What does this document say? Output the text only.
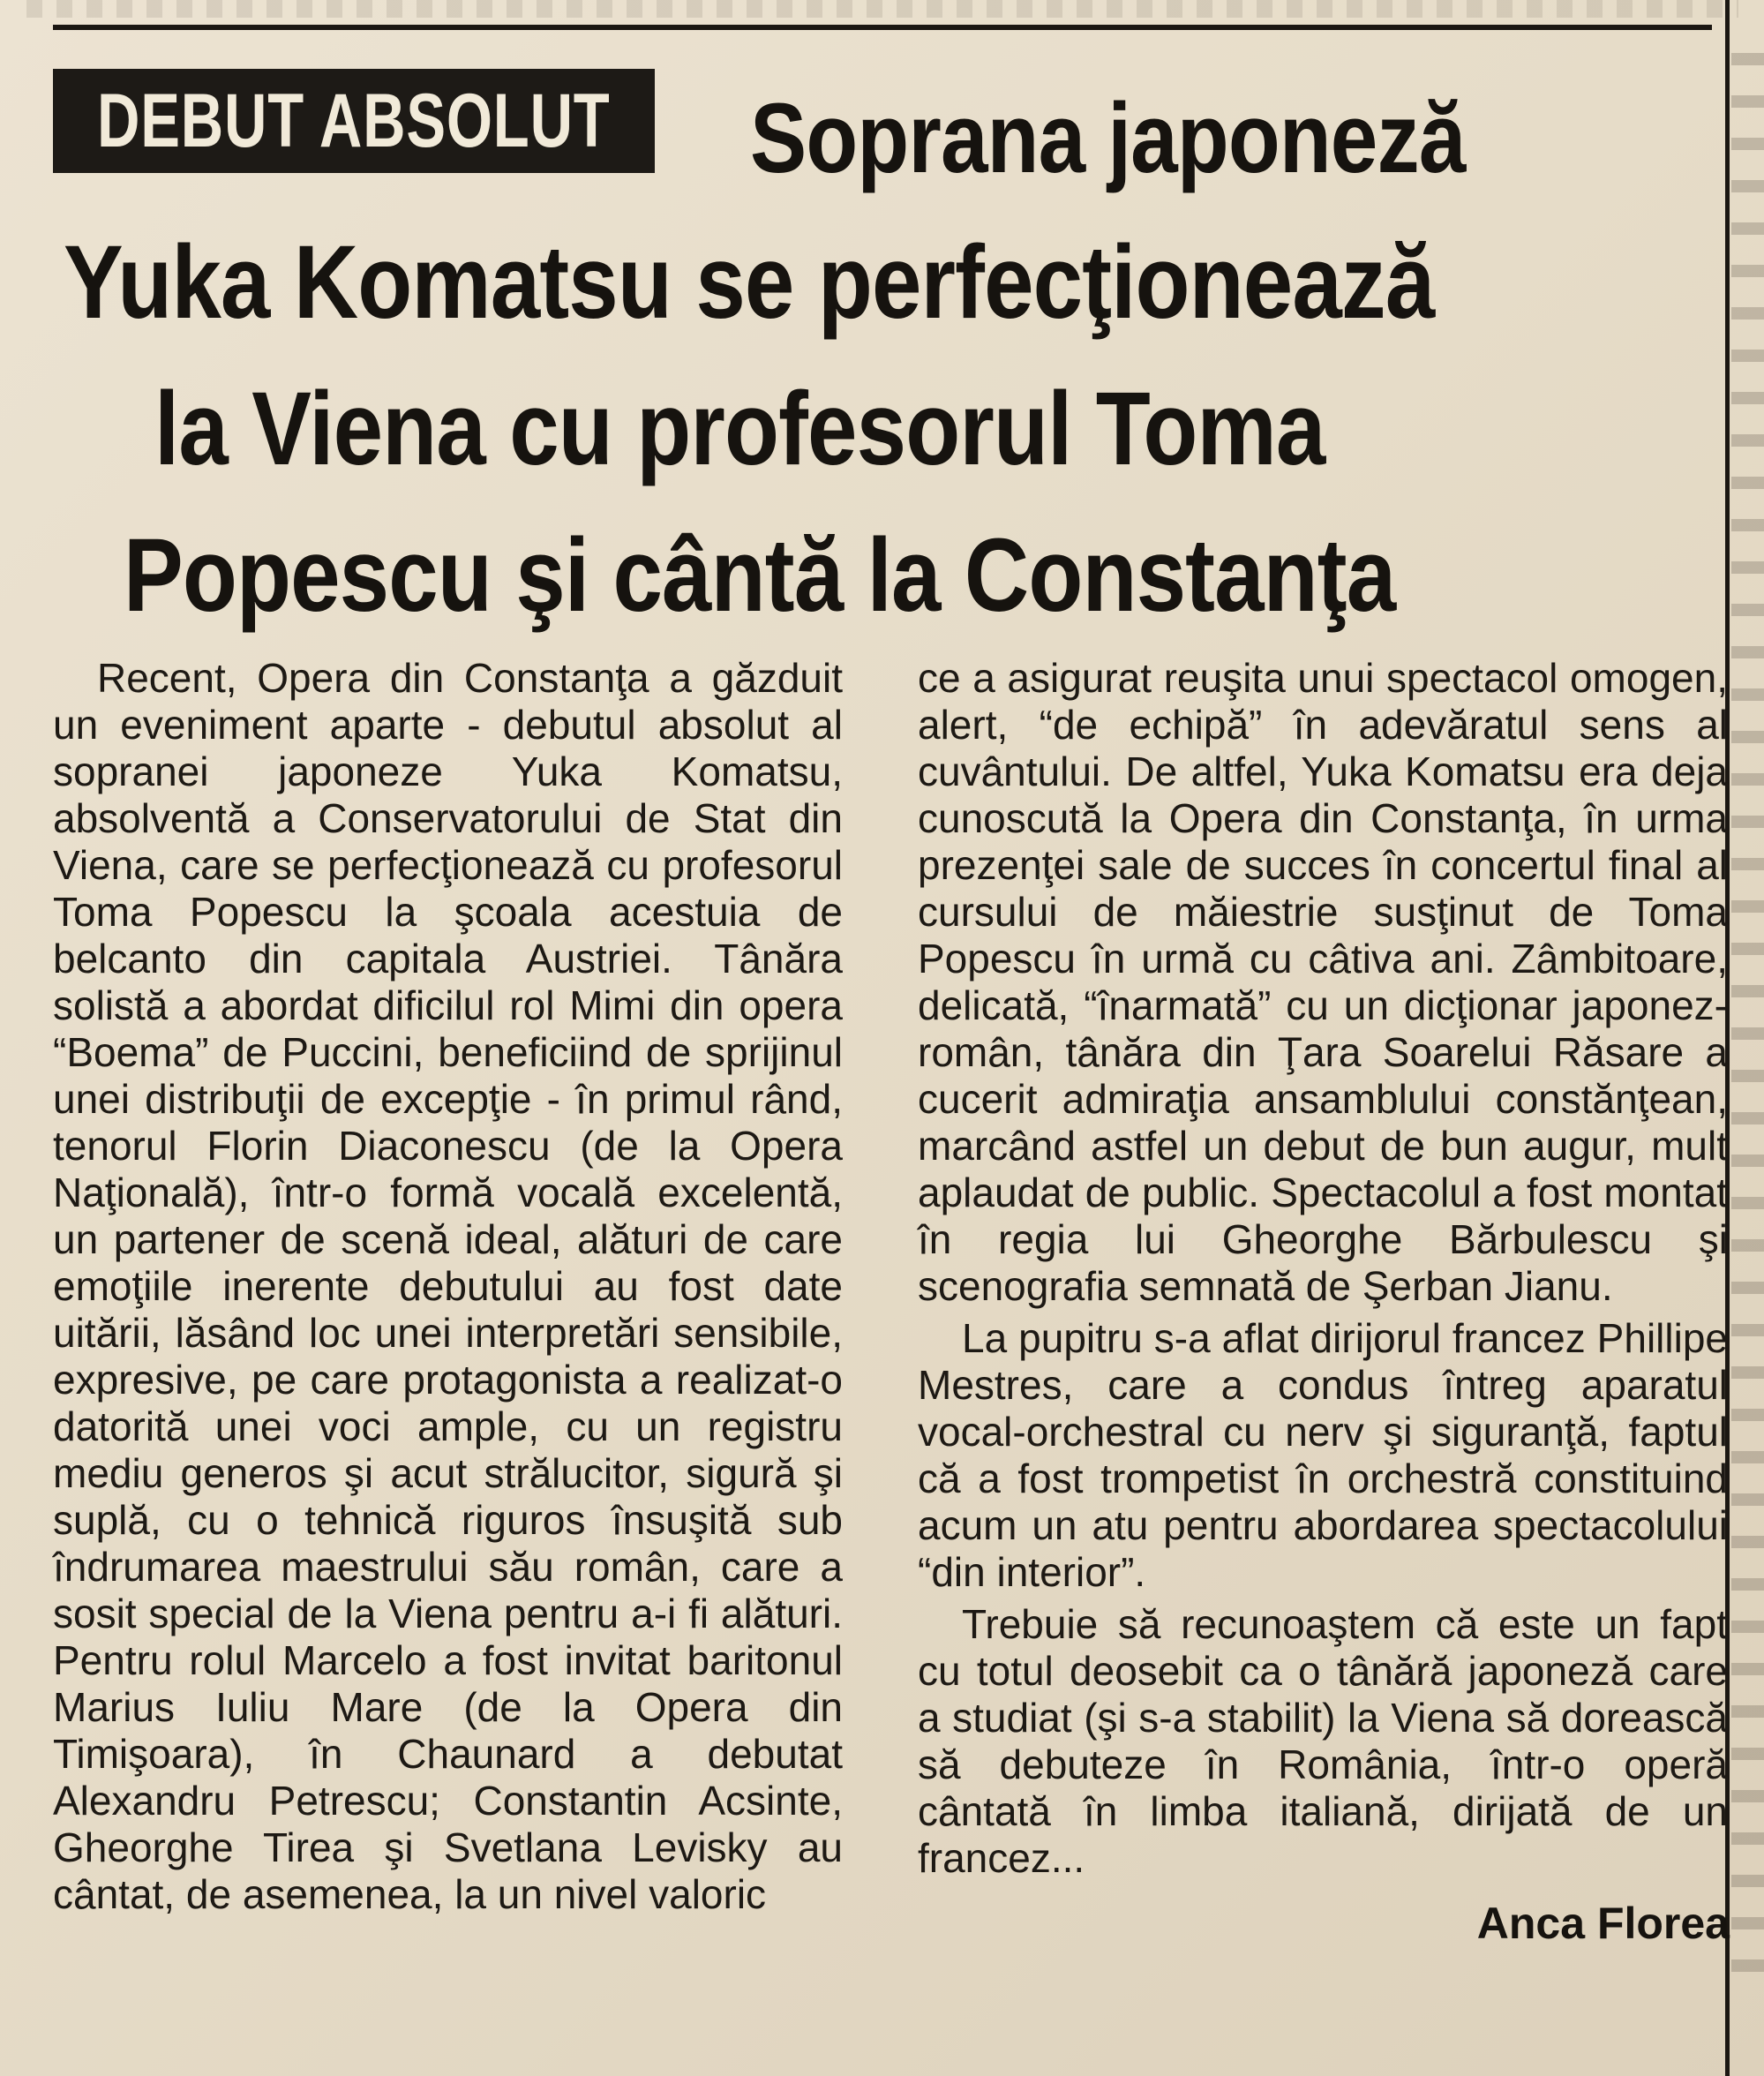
DEBUT ABSOLUT Soprana japoneză
Yuka Komatsu se perfecţionează
la Viena cu profesorul Toma
Popescu şi cântă la Constanţa

Recent, Opera din Constanţa a găzduit un eveniment aparte - debutul absolut al sopranei japoneze Yuka Komatsu, absolventă a Conservatorului de Stat din Viena, care se perfecţionează cu profesorul Toma Popescu la şcoala acestuia de belcanto din capitala Austriei. Tânăra solistă a abordat dificilul rol Mimi din opera “Boema” de Puccini, beneficiind de sprijinul unei distribuţii de excepţie - în primul rând, tenorul Florin Diaconescu (de la Opera Naţională), într-o formă vocală excelentă, un partener de scenă ideal, alături de care emoţiile inerente debutului au fost date uitării, lăsând loc unei interpretări sensibile, expresive, pe care protagonista a realizat-o datorită unei voci ample, cu un registru mediu generos şi acut strălucitor, sigură şi suplă, cu o tehnică riguros însuşită sub îndrumarea maestrului său român, care a sosit special de la Viena pentru a-i fi alături. Pentru rolul Marcelo a fost invitat baritonul Marius Iuliu Mare (de la Opera din Timişoara), în Chaunard a debutat Alexandru Petrescu; Constantin Acsinte, Gheorghe Tirea şi Svetlana Levisky au cântat, de asemenea, la un nivel valoric

ce a asigurat reuşita unui spectacol omogen, alert, “de echipă” în adevăratul sens al cuvântului. De altfel, Yuka Komatsu era deja cunoscută la Opera din Constanţa, în urma prezenţei sale de succes în concertul final al cursului de măiestrie susţinut de Toma Popescu în urmă cu câtiva ani. Zâmbitoare, delicată, “înarmată” cu un dicţionar japonez-român, tânăra din Ţara Soarelui Răsare a cucerit admiraţia ansamblului constănţean, marcând astfel un debut de bun augur, mult aplaudat de public. Spectacolul a fost montat în regia lui Gheorghe Bărbulescu şi scenografia semnată de Şerban Jianu.

La pupitru s-a aflat dirijorul francez Phillipe Mestres, care a condus întreg aparatul vocal-orchestral cu nerv şi siguranţă, faptul că a fost trompetist în orchestră constituind acum un atu pentru abordarea spectacolului “din interior”.

Trebuie să recunoaştem că este un fapt cu totul deosebit ca o tânără japoneză care a studiat (şi s-a stabilit) la Viena să dorească să debuteze în România, într-o operă cântată în limba italiană, dirijată de un francez...

Anca Florea
